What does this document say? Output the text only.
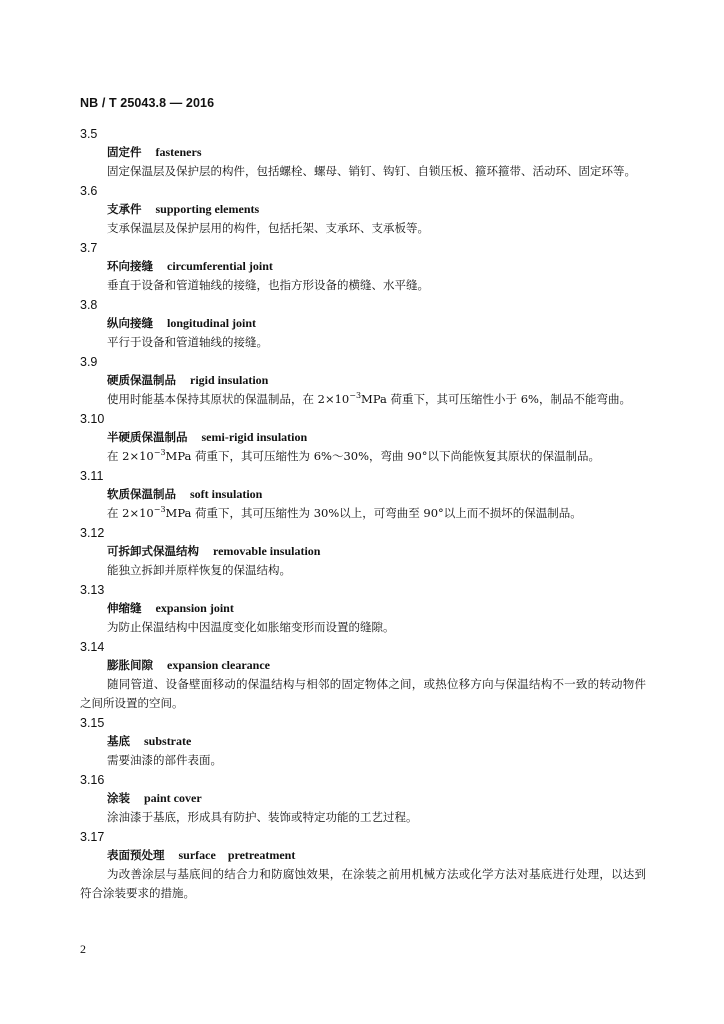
NB / T 25043.8 — 2016
3.5
固定件 fasteners
固定保温层及保护层的构件，包括螺栓、螺母、销钉、钩钉、自锁压板、箍环箍带、活动环、固定环等。
3.6
支承件 supporting elements
支承保温层及保护层用的构件，包括托架、支承环、支承板等。
3.7
环向接缝 circumferential joint
垂直于设备和管道轴线的接缝，也指方形设备的横缝、水平缝。
3.8
纵向接缝 longitudinal joint
平行于设备和管道轴线的接缝。
3.9
硬质保温制品 rigid insulation
使用时能基本保持其原状的保温制品，在 $2\times 10^{-3}MPa$ 荷重下，其可压缩性小于 6%，制品不能弯曲。
3.10
半硬质保温制品 semi-rigid insulation
在 $2\times 10^{-3}MPa$ 荷重下，其可压缩性为 6%～30%，弯曲 90°以下尚能恢复其原状的保温制品。
3.11
软质保温制品 soft insulation
在 $2\times 10^{-3}MPa$ 荷重下，其可压缩性为 30%以上，可弯曲至 90°以上而不损坏的保温制品。
3.12
可拆卸式保温结构 removable insulation
能独立拆卸并原样恢复的保温结构。
3.13
伸缩缝 expansion joint
为防止保温结构中因温度变化如胀缩变形而设置的缝隙。
3.14
膨胀间隙 expansion clearance
随同管道、设备壁面移动的保温结构与相邻的固定物体之间，或热位移方向与保温结构不一致的转动物件之间所设置的空间。
3.15
基底 substrate
需要油漆的部件表面。
3.16
涂装 paint cover
涂油漆于基底，形成具有防护、装饰或特定功能的工艺过程。
3.17
表面预处理 surface　pretreatment
为改善涂层与基底间的结合力和防腐蚀效果，在涂装之前用机械方法或化学方法对基底进行处理，以达到符合涂装要求的措施。
2
